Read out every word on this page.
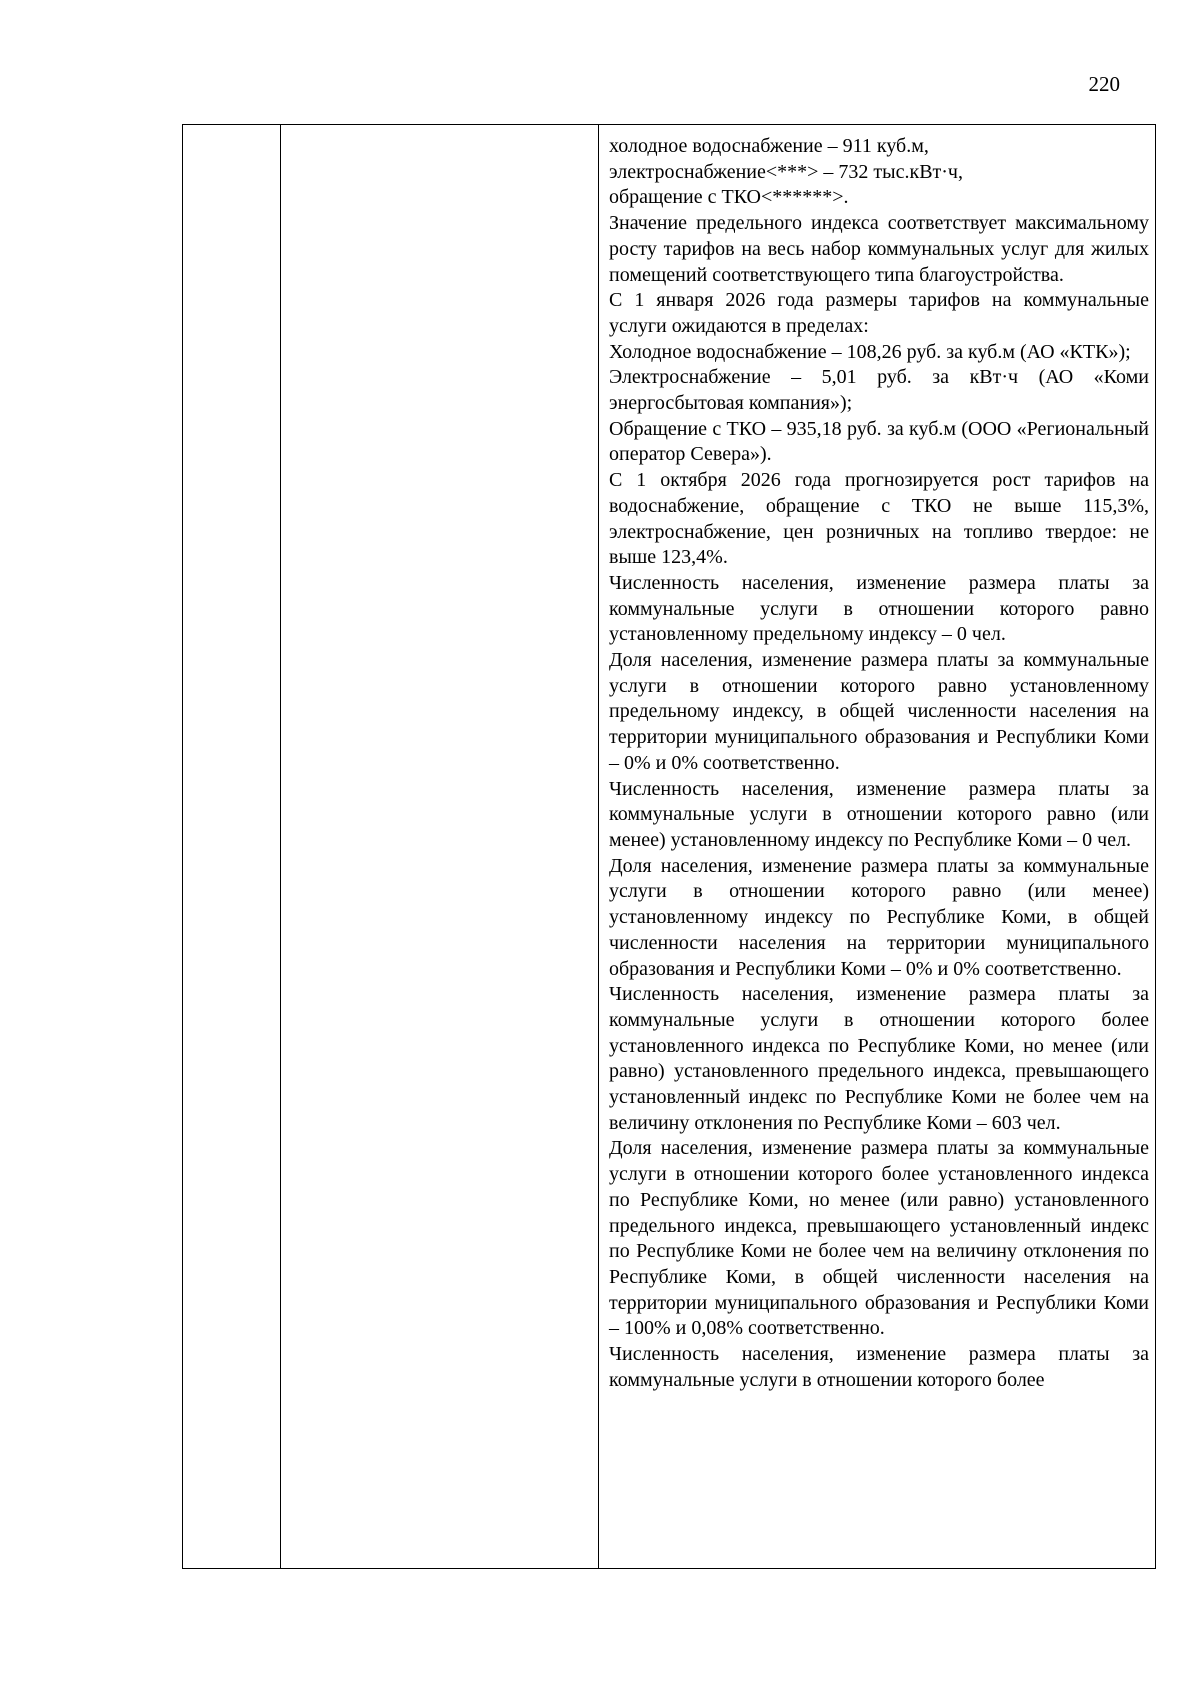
220

холодное водоснабжение – 911 куб.м,

электроснабжение<***> – 732 тыс.кВт·ч,

обращение с ТКО<******>.

Значение предельного индекса соответствует максимальному росту тарифов на весь набор коммунальных услуг для жилых помещений соответствующего типа благоустройства.

С 1 января 2026 года размеры тарифов на коммунальные услуги ожидаются в пределах:

Холодное водоснабжение – 108,26 руб. за куб.м (АО «КТК»);

Электроснабжение – 5,01 руб. за кВт·ч (АО «Коми энергосбытовая компания»);

Обращение с ТКО – 935,18 руб. за куб.м (ООО «Региональный оператор Севера»).

С 1 октября 2026 года прогнозируется рост тарифов на водоснабжение, обращение с ТКО не выше 115,3%, электроснабжение, цен розничных на топливо твердое: не выше 123,4%.

Численность населения, изменение размера платы за коммунальные услуги в отношении которого равно установленному предельному индексу – 0 чел.

Доля населения, изменение размера платы за коммунальные услуги в отношении которого равно установленному предельному индексу, в общей численности населения на территории муниципального образования и Республики Коми – 0% и 0% соответственно.

Численность населения, изменение размера платы за коммунальные услуги в отношении которого равно (или менее) установленному индексу по Республике Коми – 0 чел.

Доля населения, изменение размера платы за коммунальные услуги в отношении которого равно (или менее) установленному индексу по Республике Коми, в общей численности населения на территории муниципального образования и Республики Коми – 0% и 0% соответственно.

Численность населения, изменение размера платы за коммунальные услуги в отношении которого более установленного индекса по Республике Коми, но менее (или равно) установленного предельного индекса, превышающего установленный индекс по Республике Коми не более чем на величину отклонения по Республике Коми – 603 чел.

Доля населения, изменение размера платы за коммунальные услуги в отношении которого более установленного индекса по Республике Коми, но менее (или равно) установленного предельного индекса, превышающего установленный индекс по Республике Коми не более чем на величину отклонения по Республике Коми, в общей численности населения на территории муниципального образования и Республики Коми – 100% и 0,08% соответственно.

Численность населения, изменение размера платы за коммунальные услуги в отношении которого более
